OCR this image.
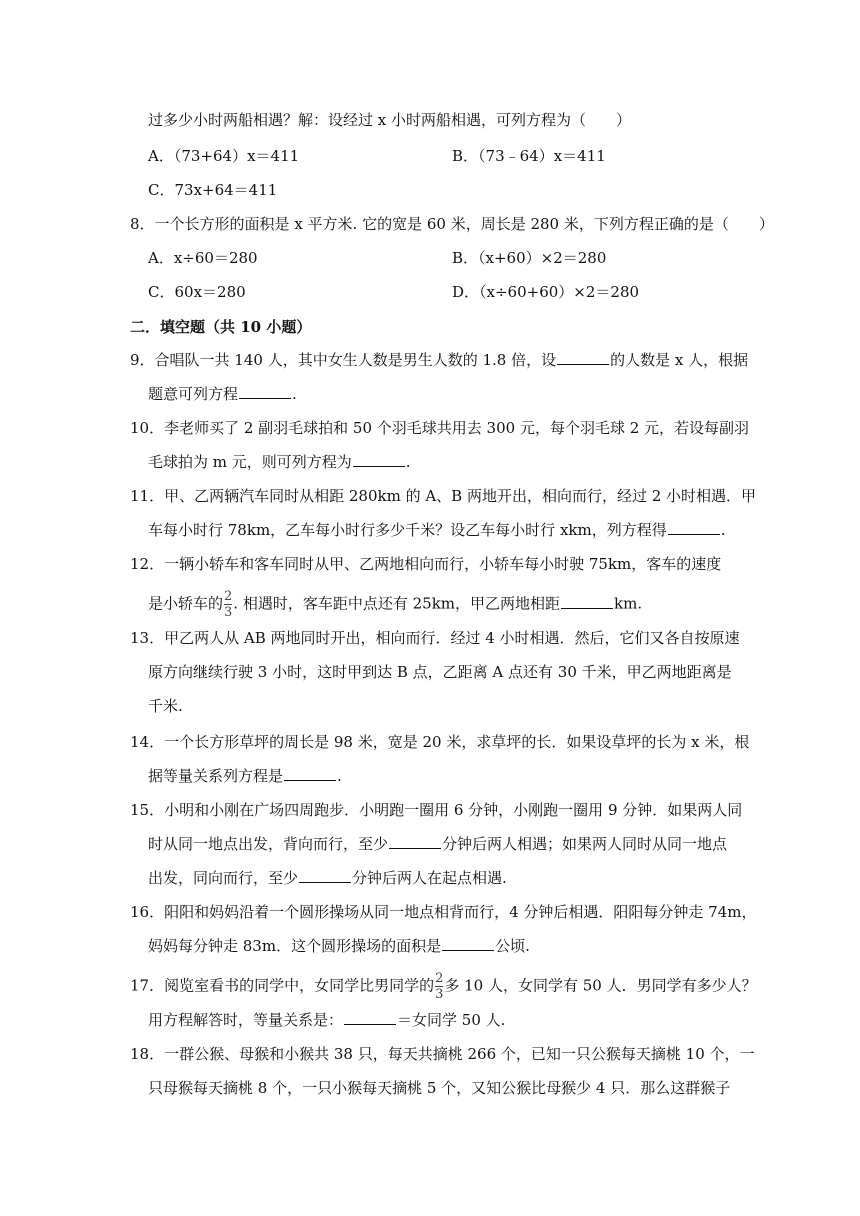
过多少小时两船相遇？解：设经过 x 小时两船相遇，可列方程为（　　）
A．（73+64）x＝411	B．（73﹣64）x＝411
C．73x+64＝411
8．一个长方形的面积是 x 平方米. 它的宽是 60 米，周长是 280 米，下列方程正确的是（　　）
A．x÷60＝280	B．（x+60）×2＝280
C．60x＝280	D．（x÷60+60）×2＝280
二．填空题（共 10 小题）
9．合唱队一共 140 人，其中女生人数是男生人数的 1.8 倍，设	的人数是 x 人，根据
题意可列方程	.
10．李老师买了 2 副羽毛球拍和 50 个羽毛球共用去 300 元，每个羽毛球 2 元，若设每副羽
毛球拍为 m 元，则可列方程为	.
11．甲、乙两辆汽车同时从相距 280km 的 A、B 两地开出，相向而行，经过 2 小时相遇．甲
车每小时行 78km，乙车每小时行多少千米？设乙车每小时行 xkm，列方程得	.
12．一辆小轿车和客车同时从甲、乙两地相向而行，小轿车每小时驶 75km，客车的速度
是小轿车的$\frac{2}{3}$. 相遇时，客车距中点还有 25km，甲乙两地相距	km.
13．甲乙两人从 AB 两地同时开出，相向而行．经过 4 小时相遇．然后，它们又各自按原速
原方向继续行驶 3 小时，这时甲到达 B 点，乙距离 A 点还有 30 千米，甲乙两地距离是
千米.
14．一个长方形草坪的周长是 98 米，宽是 20 米，求草坪的长．如果设草坪的长为 x 米，根
据等量关系列方程是	.
15．小明和小刚在广场四周跑步．小明跑一圈用 6 分钟，小刚跑一圈用 9 分钟．如果两人同
时从同一地点出发，背向而行，至少	分钟后两人相遇；如果两人同时从同一地点
出发，同向而行，至少	分钟后两人在起点相遇.
16．阳阳和妈妈沿着一个圆形操场从同一地点相背而行，4 分钟后相遇．阳阳每分钟走 74m，
妈妈每分钟走 83m．这个圆形操场的面积是	公顷.
17．阅览室看书的同学中，女同学比男同学的$\frac{2}{3}$多 10 人，女同学有 50 人．男同学有多少人？
用方程解答时，等量关系是：	＝女同学 50 人.
18．一群公猴、母猴和小猴共 38 只，每天共摘桃 266 个，已知一只公猴每天摘桃 10 个，一
只母猴每天摘桃 8 个，一只小猴每天摘桃 5 个，又知公猴比母猴少 4 只．那么这群猴子
